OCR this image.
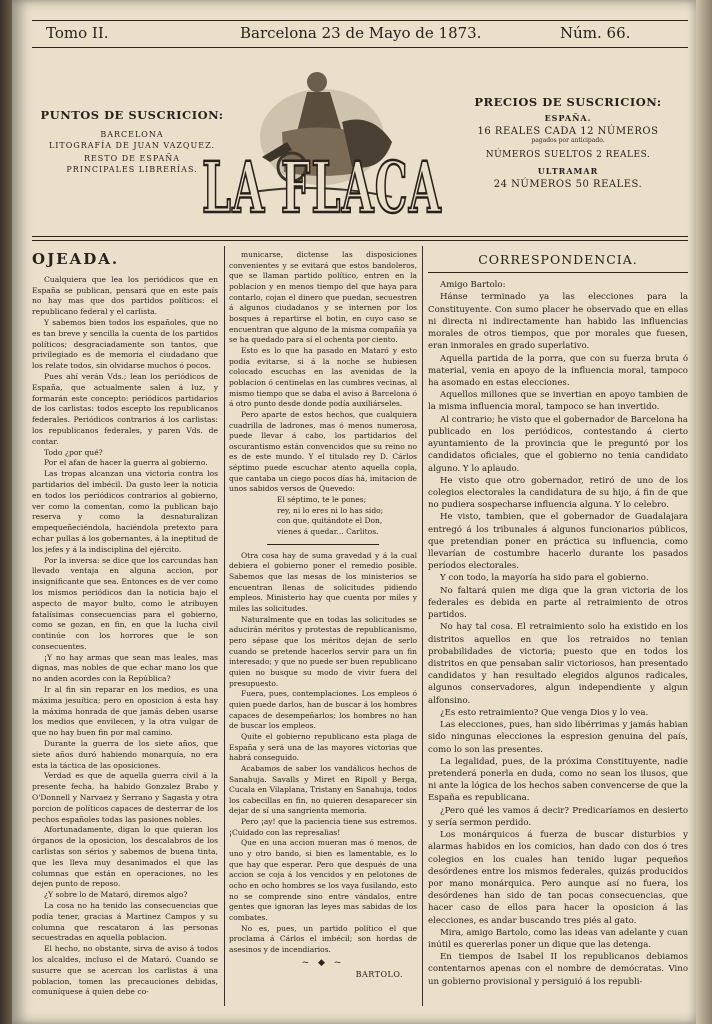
Tomo II.	Barcelona 23 de Mayo de 1873.	Núm. 66.
PUNTOS DE SUSCRICION:
BARCELONA
LITOGRAFÍA DE JUAN VAZQUEZ.
RESTO DE ESPAÑA
PRINCIPALES LIBRERÍAS. LA FLACA
PRECIOS DE SUSCRICION:
ESPAÑA.
16 REALES CADA 12 NÚMEROS
pagados por anticipado.
NÚMEROS SUELTOS 2 REALES.
ULTRAMAR
24 NÚMEROS 50 REALES.
OJEADA.

Cualquiera que lea los periódicos que en España se publican, pensará que en este país no hay mas que dos partidos políticos: el republicano federal y el carlista.

Y sabemos bien todos los españoles, que no es tan breve y sencilla la cuenta de los partidos políticos; desgraciadamente son tantos, que privilegiado es de memoria el ciudadano que los relate todos, sin olvidarse muchos ó pocos.

Pues ahí verán Vds.; lean los periódicos de España, que actualmente salen á luz, y formarán este concepto: periódicos partidarios de los carlistas: todos escepto los republicanos federales. Periódicos contrarios á los carlistas: los republicanos federales, y paren Vds. de contar.

Todo ¿por qué?

Por el afan de hacer la guerra al gobierno.

Las tropas alcanzan una victoria contra los partidarios del imbécil. Da gusto leer la noticia en todos los periódicos contrarios al gobierno, ver como la comentan, como la publican bajo reserva y como la desnaturalizan empequeñeciéndola, haciéndola pretexto para echar pullas á los gobernantes, á la ineptitud de los jefes y á la indisciplina del ejército.

Por la inversa: se dice que los carcundas han llevado ventaja en alguna accion, por insignificante que sea. Entonces es de ver como los mismos periódicos dan la noticia bajo el aspecto de mayor bulto, como le atribuyen fatalísimas consecuencias para el gobierno, como se gozan, en fin, en que la lucha civil continúe con los horrores que le son consecuentes.

¡Y no hay armas que sean mas leales, mas dignas, mas nobles de que echar mano los que no anden acordes con la República?

Ir al fin sin reparar en los medios, es una máxima jesuítica; pero en oposicion á esta hay la máxima honrada de que jamás deben usarse los medios que envilecen, y la otra vulgar de que no hay buen fin por mal camino.

Durante la guerra de los siete años, que siete años duró habiendo monarquía, no era esta la táctica de las oposiciones.

Verdad es que de aquella guerra civil á la presente fecha, ha habido Gonzalez Brabo y O'Donnell y Narvaez y Serrano y Sagasta y otra porcion de políticos capaces de desterrar de los pechos españoles todas las pasiones nobles.

Afortunadamente, digan lo que quieran los órganos de la oposicion, los descalabros de los carlistas son sérios y sabemos de buena tinta, que les lleva muy desanimados el que las columnas que están en operaciones, no les dejen punto de reposo.

¿Y sobre lo de Mataró, diremos algo?

La cosa no ha tenido las consecuencias que podía tener, gracias á Martinez Campos y su columna que rescataron á las personas secuestradas en aquella poblacion.

El hecho, no obstante, sirva de aviso á todos los alcaldes, incluso el de Mataró. Cuando se susurre que se acercan los carlistas á una poblacion, tomen las precauciones debidas, comuníquese á quien debe co-

municarse, dictense las disposiciones convenientes y se evitará que estos bandoleros, que se llaman partido político, entren en la poblacion y en menos tiempo del que haya para contarlo, cojan el dinero que puedan, secuestren á algunos ciudadanos y se internen por los bosques á repartirse el botin, en cuyo caso se encuentran que alguno de la misma compañía ya se ha quedado para sí el ochenta por ciento.

Esto es lo que ha pasado en Mataró y esto podia evitarse, si á la noche se hubiesen colocado escuchas en las avenidas de la poblacion ó centinelas en las cumbres vecinas, al mismo tiempo que se daba el aviso á Barcelona ó á otro punto desde donde podía auxiliárseles.

Pero aparte de estos hechos, que cualquiera cuadrilla de ladrones, mas ó menos numerosa, puede llevar á cabo, los partidarios del oscurantismo están convencidos que su reino no es de este mundo. Y el titulado rey D. Cárlos séptimo puede escuchar atento aquella copla, que cantaba un ciego pocos días há, imitacion de unos sabidos versos de Quevedo:

El séptimo, te le pones;
rey, ni lo eres ni lo has sido;
con que, quitándote el Don,
vienes á quedar... Carlitos.

Otra cosa hay de suma gravedad y á la cual debiera el gobierno poner el remedio posible. Sabemos que las mesas de los ministerios se encuentran llenas de solicitudes pidiendo empleos. Ministerio hay que cuenta por miles y miles las solicitudes.

Naturalmente que en todas las solicitudes se aducirán méritos y protestas de republicanismo, pero sépase que los méritos dejan de serlo cuando se pretende hacerlos servir para un fin interesado; y que no puede ser buen republicano quien no busque su modo de vivir fuera del presupuesto.

Fuera, pues, contemplaciones. Los empleos ó quien puede darlos, han de buscar á los hombres capaces de desempeñarlos; los hombres no han de buscar los empleos.

Quite el gobierno republicano esta plaga de España y será una de las mayores victorias que habrá conseguido.

Acabamos de saber los vandálicos hechos de Sanahuja. Savalls y Miret en Ripoll y Berga, Cucala en Vilaplana, Tristany en Sanahuja, todos los cabecillas en fin, no quieren desaparecer sin dejar de sí una sangrienta memoria.

Pero ¡ay! que la paciencia tiene sus estremos. ¡Cuidado con las represalias!

Que en una accion mueran mas ó menos, de uno y otro bando, si bien es lamentable, es lo que hay que esperar. Pero que después de una accion se coja á los vencidos y en pelotones de ocho en ocho hombres se los vaya fusilando, esto no se comprende sino entre vándalos, entre gentes que ignoran las leyes mas sabidas de los combates.

No es, pues, un partido político el que proclama á Cárlos el imbécil; son hordas de asesinos y de incendiarios.

~ ◆ ~
BARTOLO.
CORRESPONDENCIA.

Amigo Bartolo:

Hánse terminado ya las elecciones para la Constituyente. Con sumo placer he observado que en ellas ni directa ni indirectamente han habido las influencias morales de otros tiempos, que por morales que fuesen, eran inmorales en grado superlativo.

Aquella partida de la porra, que con su fuerza bruta ó material, venia en apoyo de la influencia moral, tampoco ha asomado en estas elecciones.

Aquellos millones que se invertian en apoyo tambien de la misma influencia moral, tampoco se han invertido.

Al contrario; he visto que el gobernador de Barcelona ha publicado en los periódicos, contestando á cierto ayuntamiento de la provincia que le preguntó por los candidatos oficiales, que el gobierno no tenia candidato alguno. Y lo aplaudo.

He visto que otro gobernador, retiró de uno de los colegios electorales la candidatura de su hijo, á fin de que no pudiera sospecharse influencia alguna. Y lo celebro.

He visto, tambien, que el gobernador de Guadalajara entregó á los tribunales á algunos funcionarios públicos, que pretendian poner en práctica su influencia, como llevarían de costumbre hacerlo durante los pasados períodos electorales.

Y con todo, la mayoría ha sido para el gobierno.

No faltará quien me diga que la gran victoria de los federales es debida en parte al retraimiento de otros partidos.

No hay tal cosa. El retraimiento solo ha existido en los distritos aquellos en que los retraidos no tenian probabilidades de victoria; puesto que en todos los distritos en que pensaban salir victoriosos, han presentado candidatos y han resultado elegidos algunos radicales, algunos conservadores, algun independiente y algun alfonsino.

¿Es esto retraimiento? Que venga Dios y lo vea.

Las elecciones, pues, han sido libérrimas y jamás habian sido ningunas elecciones la espresion genuina del país, como lo son las presentes.

La legalidad, pues, de la próxima Constituyente, nadie pretenderá ponerla en duda, como no sean los ilusos, que ni ante la lógica de los hechos saben convencerse de que la España es republicana.

¿Pero qué les vamos á decir? Predicaríamos en desierto y sería sermon perdido.

Los monárquicos á fuerza de buscar disturbios y alarmas habidos en los comicios, han dado con dos ó tres colegios en los cuales han tenido lugar pequeños desórdenes entre los mismos federales, quizás producidos por mano monárquica. Pero aunque así no fuera, los desórdenes han sido de tan pocas consecuencias, que hacer caso de ellos para hacer la oposicion á las elecciones, es andar buscando tres piés al gato.

Mira, amigo Bartolo, como las ideas van adelante y cuan inútil es quererlas poner un dique que las detenga.

En tiempos de Isabel II los republicanos debiamos contentarnos apenas con el nombre de demócratas. Vino un gobierno provisional y persiguió á los republi-
